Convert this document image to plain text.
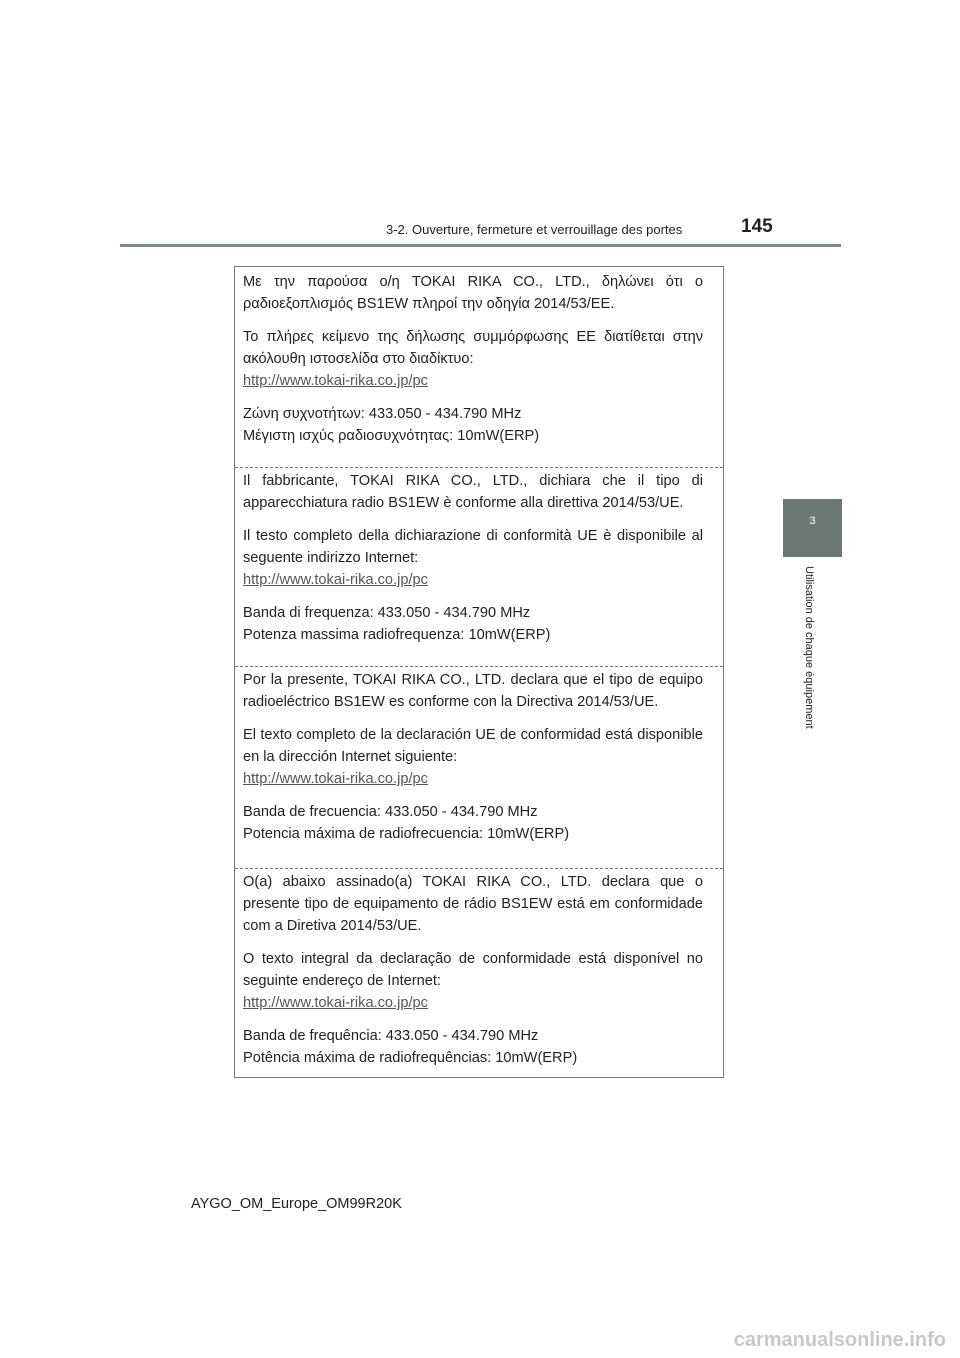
3-2. Ouverture, fermeture et verrouillage des portes	145
3
Utilisation de chaque équipement
Με την παρούσα ο/η TOKAI RIKA CO., LTD., δηλώνει ότι ο ραδιοεξοπλισμός BS1EW πληροί την οδηγία 2014/53/ΕΕ.
Το πλήρες κείμενο της δήλωσης συμμόρφωσης ΕΕ διατίθεται στην ακόλουθη ιστοσελίδα στο διαδίκτυο:
http://www.tokai-rika.co.jp/pc
Ζώνη συχνοτήτων: 433.050 - 434.790 MHz
Μέγιστη ισχύς ραδιοσυχνότητας: 10mW(ERP)
Il fabbricante, TOKAI RIKA CO., LTD., dichiara che il tipo di apparecchiatura radio BS1EW è conforme alla direttiva 2014/53/UE.
Il testo completo della dichiarazione di conformità UE è disponibile al seguente indirizzo Internet:
http://www.tokai-rika.co.jp/pc
Banda di frequenza: 433.050 - 434.790 MHz
Potenza massima radiofrequenza: 10mW(ERP)
Por la presente, TOKAI RIKA CO., LTD. declara que el tipo de equipo radioeléctrico BS1EW es conforme con la Directiva 2014/53/UE.
El texto completo de la declaración UE de conformidad está disponible en la dirección Internet siguiente:
http://www.tokai-rika.co.jp/pc
Banda de frecuencia: 433.050 - 434.790 MHz
Potencia máxima de radiofrecuencia: 10mW(ERP)
O(a) abaixo assinado(a) TOKAI RIKA CO., LTD. declara que o presente tipo de equipamento de rádio BS1EW está em conformidade com a Diretiva 2014/53/UE.
O texto integral da declaração de conformidade está disponível no seguinte endereço de Internet:
http://www.tokai-rika.co.jp/pc
Banda de frequência: 433.050 - 434.790 MHz
Potência máxima de radiofrequências: 10mW(ERP)
AYGO_OM_Europe_OM99R20K
carmanualsonline.info
